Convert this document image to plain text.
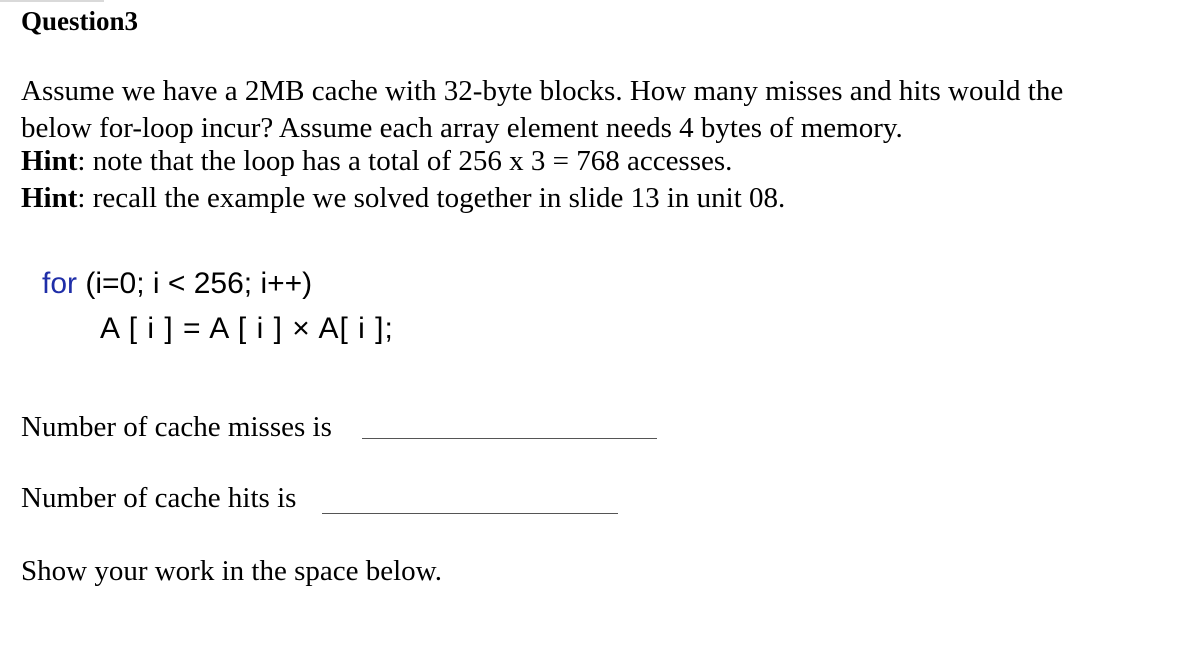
Question3
Assume we have a 2MB cache with 32-byte blocks. How many misses and hits would the
below for-loop incur? Assume each array element needs 4 bytes of memory.
Hint: note that the loop has a total of 256 x 3 = 768 accesses.
Hint: recall the example we solved together in slide 13 in unit 08.
for (i=0; i < 256; i++)
A [ i ] = A [ i ] × A[ i ];
Number of cache misses is
Number of cache hits is
Show your work in the space below.
